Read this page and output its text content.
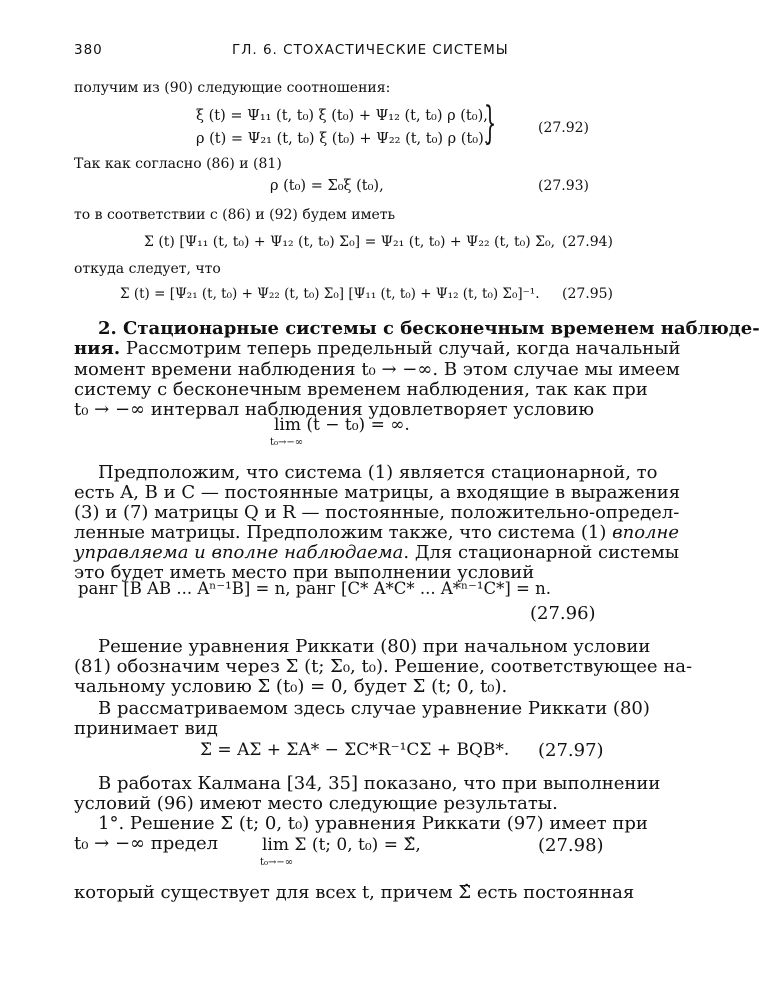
380	ГЛ. 6. СТОХАСТИЧЕСКИЕ СИСТЕМЫ
получим из (90) следующие соотношения:
ξ (t) = Ψ₁₁ (t, t₀) ξ (t₀) + Ψ₁₂ (t, t₀) ρ (t₀),
ρ (t) = Ψ₂₁ (t, t₀) ξ (t₀) + Ψ₂₂ (t, t₀) ρ (t₀).
}	(27.92)
Так как согласно (86) и (81)
ρ (t₀) = Σ₀ξ (t₀),	(27.93)
то в соответствии с (86) и (92) будем иметь
Σ (t) [Ψ₁₁ (t, t₀) + Ψ₁₂ (t, t₀) Σ₀] = Ψ₂₁ (t, t₀) + Ψ₂₂ (t, t₀) Σ₀, (27.94)
откуда следует, что
Σ (t) = [Ψ₂₁ (t, t₀) + Ψ₂₂ (t, t₀) Σ₀] [Ψ₁₁ (t, t₀) + Ψ₁₂ (t, t₀) Σ₀]⁻¹. (27.95)
2. Стационарные системы с бесконечным временем наблюде-
ния. Рассмотрим теперь предельный случай, когда начальный
момент времени наблюдения t₀ → −∞. В этом случае мы имеем
систему с бесконечным временем наблюдения, так как при
t₀ → −∞ интервал наблюдения удовлетворяет условию
lim (t − t₀) = ∞.
t₀→−∞
Предположим, что система (1) является стационарной, то
есть A, B и C — постоянные матрицы, а входящие в выражения
(3) и (7) матрицы Q и R — постоянные, положительно-определ-
ленные матрицы. Предположим также, что система (1) вполне
управляема и вполне наблюдаема. Для стационарной системы
это будет иметь место при выполнении условий
ранг [B AB ... Aⁿ⁻¹B] = n, ранг [C* A*C* ... A*ⁿ⁻¹C*] = n.
(27.96)
Решение уравнения Риккати (80) при начальном условии
(81) обозначим через Σ (t; Σ₀, t₀). Решение, соответствующее на-
чальному условию Σ (t₀) = 0, будет Σ (t; 0, t₀).
В рассматриваемом здесь случае уравнение Риккати (80)
принимает вид
Σ̇ = AΣ + ΣA* − ΣC*R⁻¹CΣ + BQB*. (27.97)
В работах Калмана [34, 35] показано, что при выполнении
условий (96) имеют место следующие результаты.
1°. Решение Σ (t; 0, t₀) уравнения Риккати (97) имеет при
t₀ → −∞ предел	lim Σ (t; 0, t₀) = Σ̂,
t₀→−∞
(27.98)
который существует для всех t, причем Σ̂ есть постоянная
